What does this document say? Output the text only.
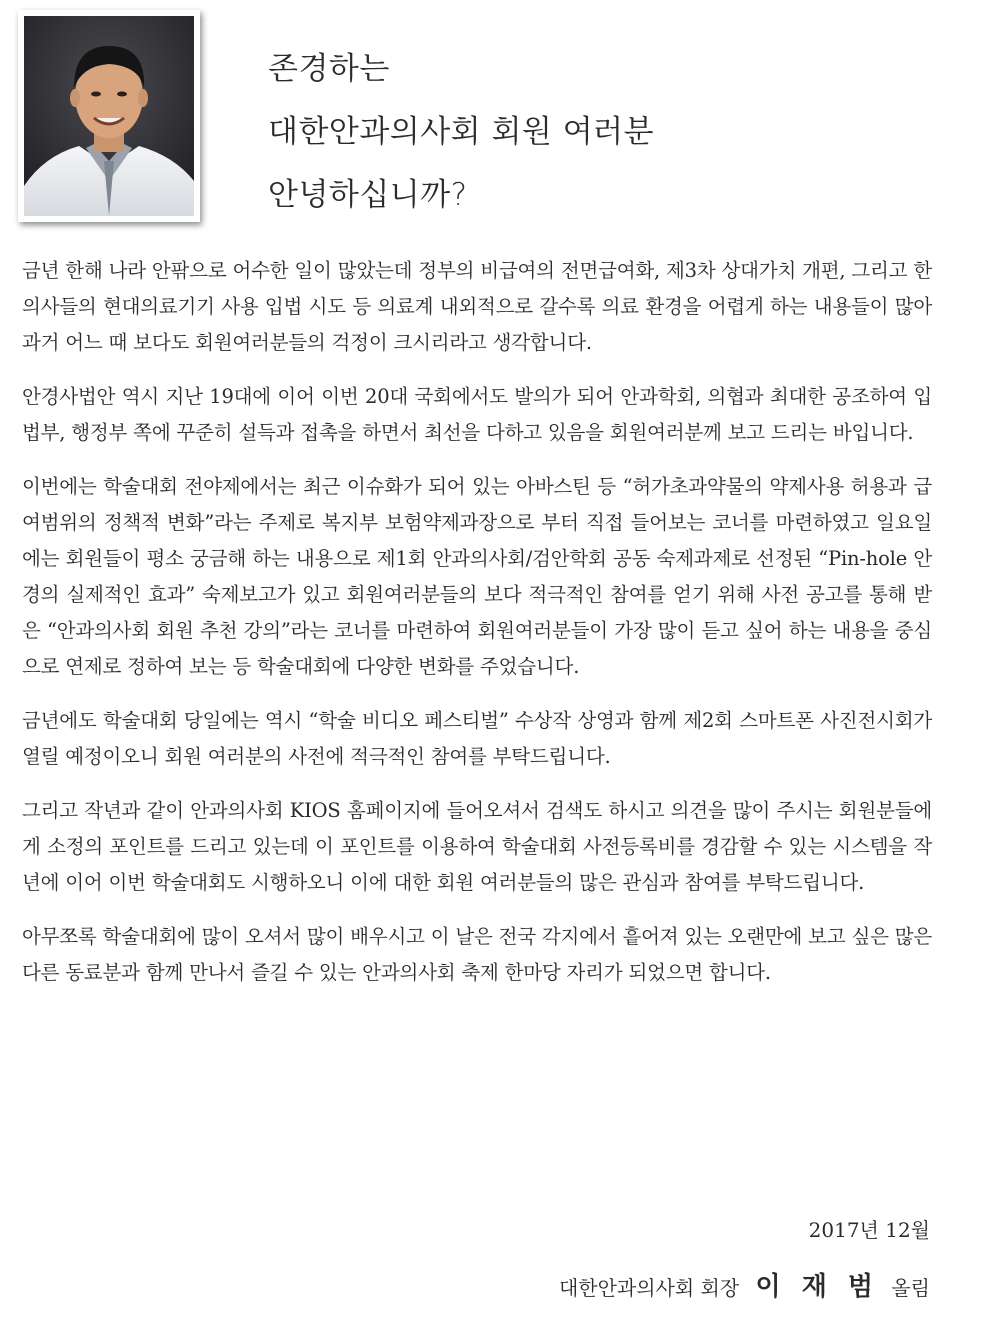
존경하는
대한안과의사회 회원 여러분
안녕하십니까?

금년 한해 나라 안팎으로 어수한 일이 많았는데 정부의 비급여의 전면급여화, 제3차 상대가치 개편, 그리고 한의사들의 현대의료기기 사용 입법 시도 등 의료계 내외적으로 갈수록 의료 환경을 어렵게 하는 내용들이 많아 과거 어느 때 보다도 회원여러분들의 걱정이 크시리라고 생각합니다.

안경사법안 역시 지난 19대에 이어 이번 20대 국회에서도 발의가 되어 안과학회, 의협과 최대한 공조하여 입법부, 행정부 쪽에 꾸준히 설득과 접촉을 하면서 최선을 다하고 있음을 회원여러분께 보고 드리는 바입니다.

이번에는 학술대회 전야제에서는 최근 이슈화가 되어 있는 아바스틴 등 “허가초과약물의 약제사용 허용과 급여범위의 정책적 변화”라는 주제로 복지부 보험약제과장으로 부터 직접 들어보는 코너를 마련하였고 일요일에는 회원들이 평소 궁금해 하는 내용으로 제1회 안과의사회/검안학회 공동 숙제과제로 선정된 “Pin-hole 안경의 실제적인 효과” 숙제보고가 있고 회원여러분들의 보다 적극적인 참여를 얻기 위해 사전 공고를 통해 받은 “안과의사회 회원 추천 강의”라는 코너를 마련하여 회원여러분들이 가장 많이 듣고 싶어 하는 내용을 중심으로 연제로 정하여 보는 등 학술대회에 다양한 변화를 주었습니다.

금년에도 학술대회 당일에는 역시 “학술 비디오 페스티벌” 수상작 상영과 함께 제2회 스마트폰 사진전시회가 열릴 예정이오니 회원 여러분의 사전에 적극적인 참여를 부탁드립니다.

그리고 작년과 같이 안과의사회 KIOS 홈페이지에 들어오셔서 검색도 하시고 의견을 많이 주시는 회원분들에게 소정의 포인트를 드리고 있는데 이 포인트를 이용하여 학술대회 사전등록비를 경감할 수 있는 시스템을 작년에 이어 이번 학술대회도 시행하오니 이에 대한 회원 여러분들의 많은 관심과 참여를 부탁드립니다.

아무쪼록 학술대회에 많이 오셔서 많이 배우시고 이 날은 전국 각지에서 흩어져 있는 오랜만에 보고 싶은 많은 다른 동료분과 함께 만나서 즐길 수 있는 안과의사회 축제 한마당 자리가 되었으면 합니다.

2017년 12월
대한안과의사회 회장 이 재 범 올림
